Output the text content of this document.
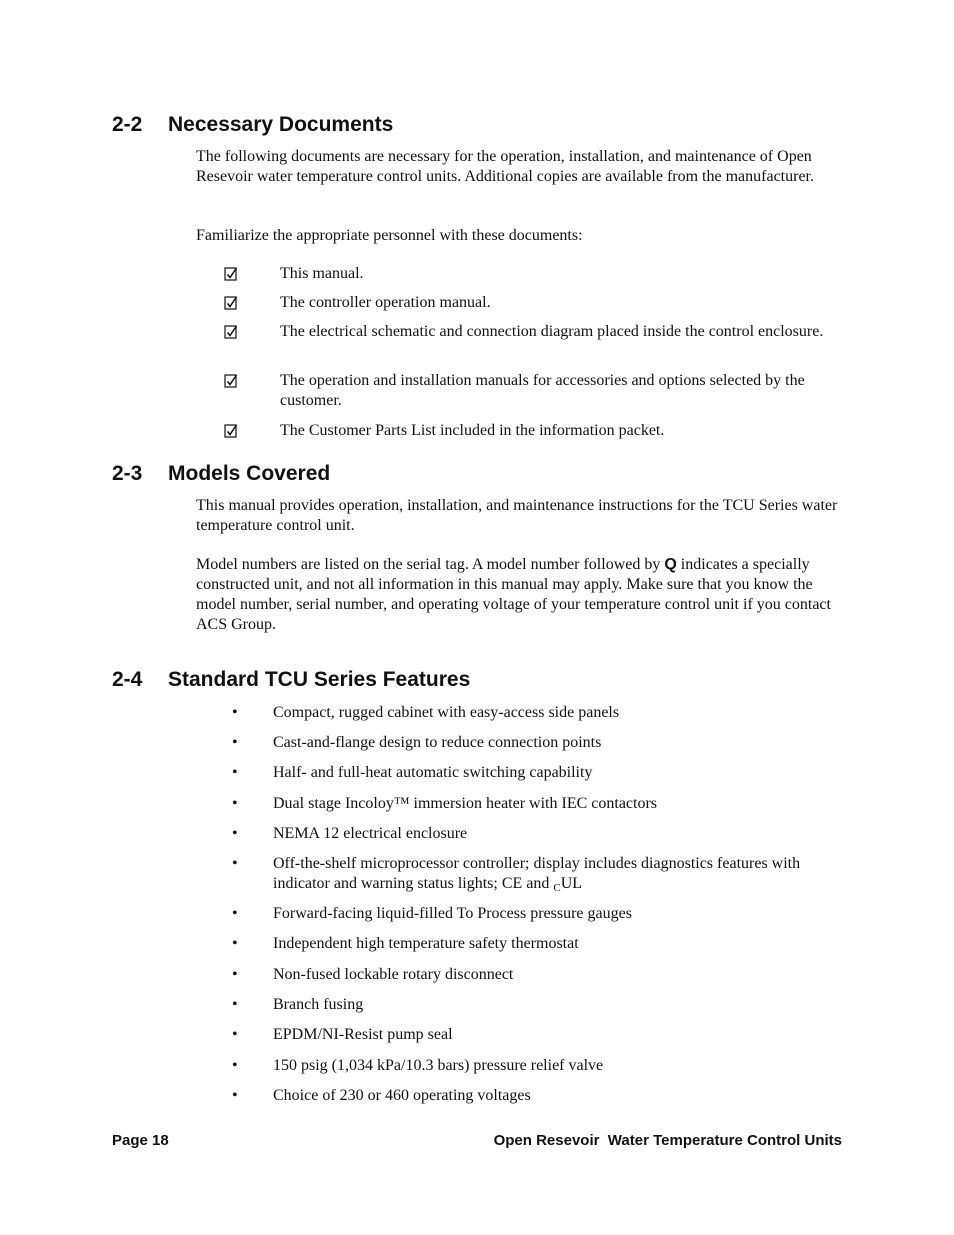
2-2 Necessary Documents

The following documents are necessary for the operation, installation, and maintenance of Open Resevoir water temperature control units. Additional copies are available from the manufacturer.

Familiarize the appropriate personnel with these documents:

This manual.
The controller operation manual.
The electrical schematic and connection diagram placed inside the control enclosure.
The operation and installation manuals for accessories and options selected by the customer.
The Customer Parts List included in the information packet.
2-3 Models Covered

This manual provides operation, installation, and maintenance instructions for the TCU Series water temperature control unit.

Model numbers are listed on the serial tag. A model number followed by Q indicates a specially constructed unit, and not all information in this manual may apply. Make sure that you know the model number, serial number, and operating voltage of your temperature control unit if you contact ACS Group.

2-4 Standard TCU Series Features
• Compact, rugged cabinet with easy-access side panels
• Cast-and-flange design to reduce connection points
• Half- and full-heat automatic switching capability
• Dual stage Incoloy™ immersion heater with IEC contactors
• NEMA 12 electrical enclosure
• Off-the-shelf microprocessor controller; display includes diagnostics features with indicator and warning status lights; CE and $_C$UL
• Forward-facing liquid-filled To Process pressure gauges
• Independent high temperature safety thermostat
• Non-fused lockable rotary disconnect
• Branch fusing
• EPDM/NI-Resist pump seal
• 150 psig (1,034 kPa/10.3 bars) pressure relief valve
• Choice of 230 or 460 operating voltages

Page 18	Open Resevoir  Water Temperature Control Units
